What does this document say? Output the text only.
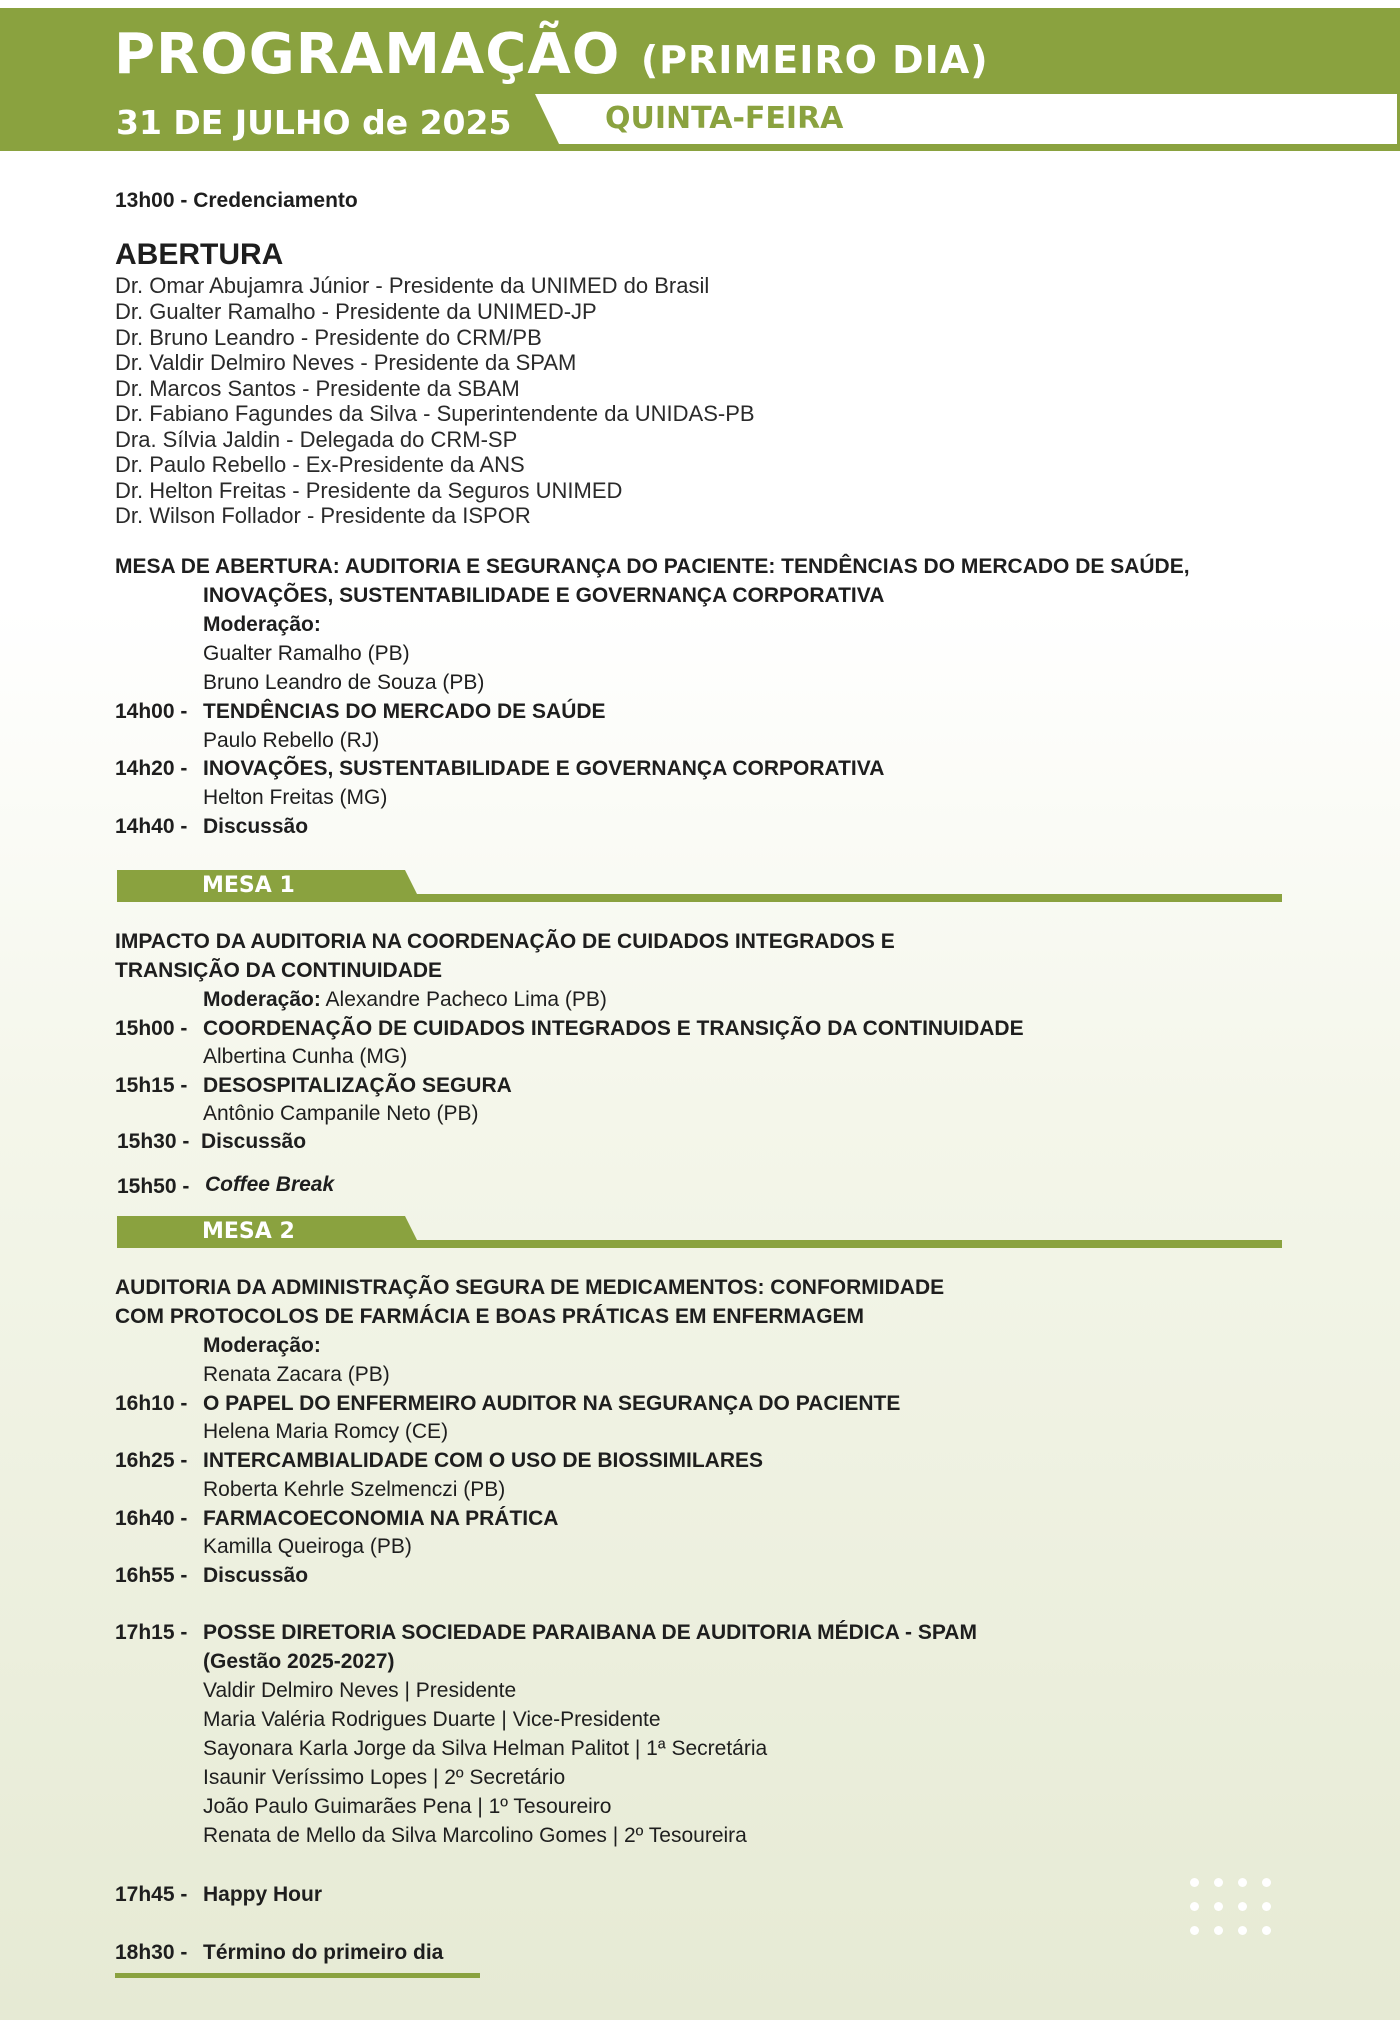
PROGRAMAÇÃO (PRIMEIRO DIA)
31 DE JULHO de 2025	QUINTA-FEIRA
13h00 - Credenciamento
ABERTURA
Dr. Omar Abujamra Júnior - Presidente da UNIMED do Brasil
Dr. Gualter Ramalho - Presidente da UNIMED-JP
Dr. Bruno Leandro - Presidente do CRM/PB
Dr. Valdir Delmiro Neves - Presidente da SPAM
Dr. Marcos Santos - Presidente da SBAM
Dr. Fabiano Fagundes da Silva - Superintendente da UNIDAS-PB
Dra. Sílvia Jaldin - Delegada do CRM-SP
Dr. Paulo Rebello - Ex-Presidente da ANS
Dr. Helton Freitas - Presidente da Seguros UNIMED
Dr. Wilson Follador - Presidente da ISPOR
MESA DE ABERTURA: AUDITORIA E SEGURANÇA DO PACIENTE: TENDÊNCIAS DO MERCADO DE SAÚDE,
INOVAÇÕES, SUSTENTABILIDADE E GOVERNANÇA CORPORATIVA
Moderação:
Gualter Ramalho (PB)
Bruno Leandro de Souza (PB)
14h00 - TENDÊNCIAS DO MERCADO DE SAÚDE
Paulo Rebello (RJ)
14h20 - INOVAÇÕES, SUSTENTABILIDADE E GOVERNANÇA CORPORATIVA
Helton Freitas (MG)
14h40 - Discussão
MESA 1
IMPACTO DA AUDITORIA NA COORDENAÇÃO DE CUIDADOS INTEGRADOS E
TRANSIÇÃO DA CONTINUIDADE
Moderação: Alexandre Pacheco Lima (PB)
15h00 - COORDENAÇÃO DE CUIDADOS INTEGRADOS E TRANSIÇÃO DA CONTINUIDADE
Albertina Cunha (MG)
15h15 - DESOSPITALIZAÇÃO SEGURA
Antônio Campanile Neto (PB)
15h30 - Discussão
15h50 - Coffee Break
MESA 2
AUDITORIA DA ADMINISTRAÇÃO SEGURA DE MEDICAMENTOS: CONFORMIDADE
COM PROTOCOLOS DE FARMÁCIA E BOAS PRÁTICAS EM ENFERMAGEM
Moderação:
Renata Zacara (PB)
16h10 - O PAPEL DO ENFERMEIRO AUDITOR NA SEGURANÇA DO PACIENTE
Helena Maria Romcy (CE)
16h25 - INTERCAMBIALIDADE COM O USO DE BIOSSIMILARES
Roberta Kehrle Szelmenczi (PB)
16h40 - FARMACOECONOMIA NA PRÁTICA
Kamilla Queiroga (PB)
16h55 - Discussão
17h15 - POSSE DIRETORIA SOCIEDADE PARAIBANA DE AUDITORIA MÉDICA - SPAM
(Gestão 2025-2027)
Valdir Delmiro Neves | Presidente
Maria Valéria Rodrigues Duarte | Vice-Presidente
Sayonara Karla Jorge da Silva Helman Palitot | 1ª Secretária
Isaunir Veríssimo Lopes | 2º Secretário
João Paulo Guimarães Pena | 1º Tesoureiro
Renata de Mello da Silva Marcolino Gomes | 2º Tesoureira
17h45 - Happy Hour
18h30 - Término do primeiro dia
